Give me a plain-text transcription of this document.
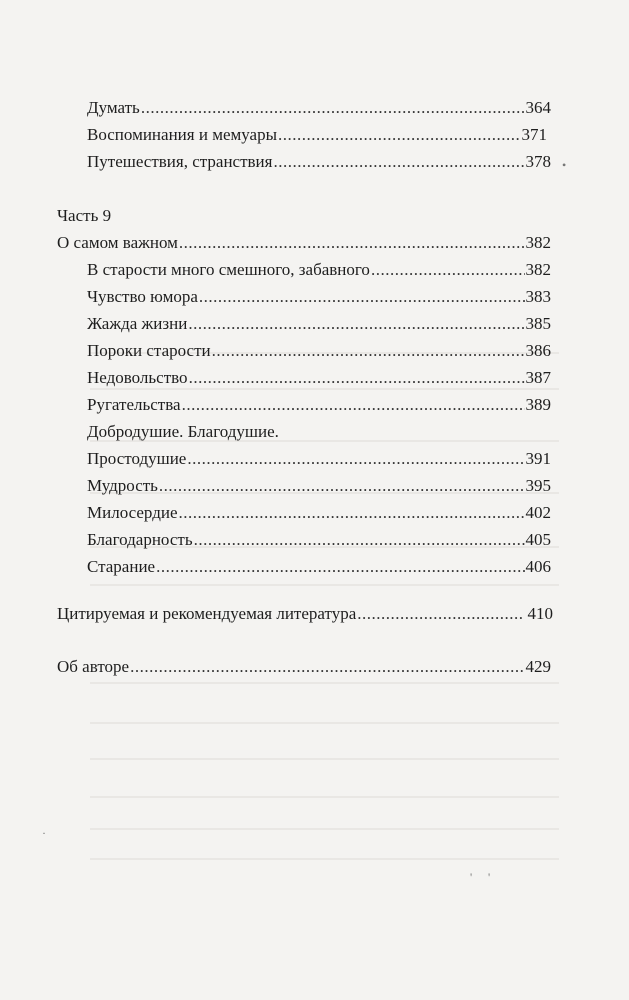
Думать .....	364
Воспоминания и мемуары .....	371
Путешествия, странствия .....	378 •
Часть 9
О самом важном .....	382
В старости много смешного, забавного .....	382
Чувство юмора .....	383
Жажда жизни .....	385
Пороки старости .....	386
Недовольство .....	387
Ругательства .....	389
Добродушие. Благодушие.
Простодушие .....	391
Мудрость .....	395
Милосердие .....	402
Благодарность .....	405
Старание .....	406
Цитируемая и рекомендуемая литература .....	410
Об авторе .....	429
·
' '
